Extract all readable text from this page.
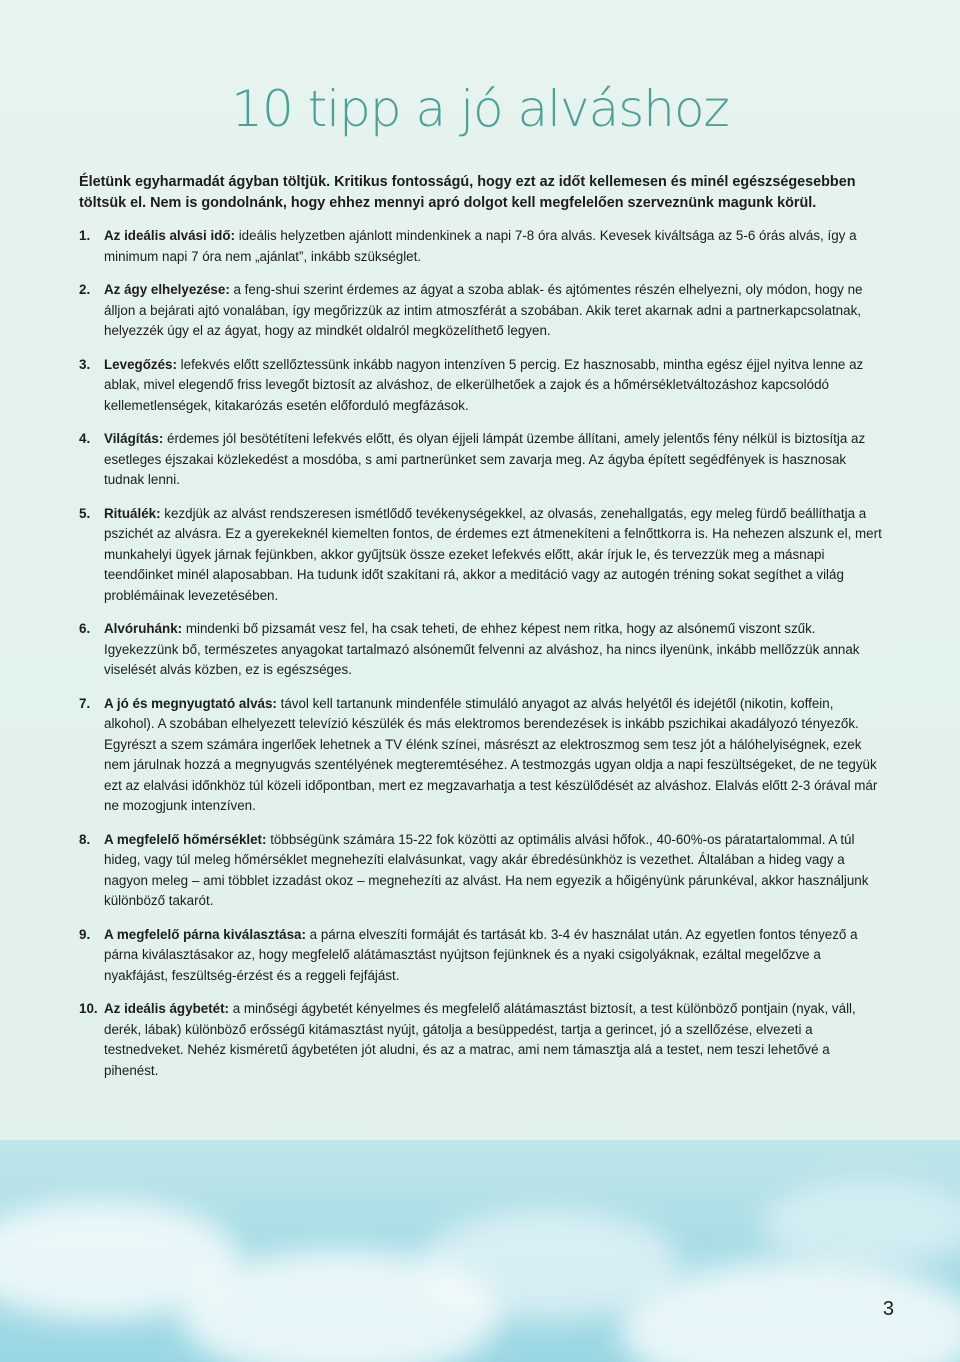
10 tipp a jó alváshoz
Életünk egyharmadát ágyban töltjük. Kritikus fontosságú, hogy ezt az időt kellemesen és minél egészségesebben töltsük el. Nem is gondolnánk, hogy ehhez mennyi apró dolgot kell megfelelően szerveznünk magunk körül.
1. Az ideális alvási idő: ideális helyzetben ajánlott mindenkinek a napi 7-8 óra alvás. Kevesek kiváltsága az 5-6 órás alvás, így a minimum napi 7 óra nem „ajánlat”, inkább szükséglet.
2. Az ágy elhelyezése: a feng-shui szerint érdemes az ágyat a szoba ablak- és ajtómentes részén elhelyezni, oly módon, hogy ne álljon a bejárati ajtó vonalában, így megőrizzük az intim atmoszférát a szobában. Akik teret akarnak adni a partnerkapcsolatnak, helyezzék úgy el az ágyat, hogy az mindkét oldalról megközelíthető legyen.
3. Levegőzés: lefekvés előtt szellőztessünk inkább nagyon intenzíven 5 percig. Ez hasznosabb, mintha egész éjjel nyitva lenne az ablak, mivel elegendő friss levegőt biztosít az alváshoz, de elkerülhetőek a zajok és a hőmérsékletváltozáshoz kapcsolódó kellemetlenségek, kitakarózás esetén előforduló megfázások.
4. Világítás: érdemes jól besötétíteni lefekvés előtt, és olyan éjjeli lámpát üzembe állítani, amely jelentős fény nélkül is biztosítja az esetleges éjszakai közlekedést a mosdóba, s ami partnerünket sem zavarja meg. Az ágyba épített segédfények is hasznosak tudnak lenni.
5. Rituálék: kezdjük az alvást rendszeresen ismétlődő tevékenységekkel, az olvasás, zenehallgatás, egy meleg fürdő beállíthatja a pszichét az alvásra. Ez a gyerekeknél kiemelten fontos, de érdemes ezt átmenekíteni a felnőttkorra is. Ha nehezen alszunk el, mert munkahelyi ügyek járnak fejünkben, akkor gyűjtsük össze ezeket lefekvés előtt, akár írjuk le, és tervezzük meg a másnapi teendőinket minél alaposabban. Ha tudunk időt szakítani rá, akkor a meditáció vagy az autogén tréning sokat segíthet a világ problémáinak levezetésében.
6. Alvóruhánk: mindenki bő pizsamát vesz fel, ha csak teheti, de ehhez képest nem ritka, hogy az alsónemű viszont szűk. Igyekezzünk bő, természetes anyagokat tartalmazó alsóneműt felvenni az alváshoz, ha nincs ilyenünk, inkább mellőzzük annak viselését alvás közben, ez is egészséges.
7. A jó és megnyugtató alvás: távol kell tartanunk mindenféle stimuláló anyagot az alvás helyétől és idejétől (nikotin, koffein, alkohol). A szobában elhelyezett televízió készülék és más elektromos berendezések is inkább pszichikai akadályozó tényezők. Egyrészt a szem számára ingerlőek lehetnek a TV élénk színei, másrészt az elektroszmog sem tesz jót a hálóhelyiségnek, ezek nem járulnak hozzá a megnyugvás szentélyének megteremtéséhez. A testmozgás ugyan oldja a napi feszültségeket, de ne tegyük ezt az elalvási időnkhöz túl közeli időpontban, mert ez megzavarhatja a test készülődését az alváshoz. Elalvás előtt 2-3 órával már ne mozogjunk intenzíven.
8. A megfelelő hőmérséklet: többségünk számára 15-22 fok közötti az optimális alvási hőfok., 40-60%-os páratartalommal. A túl hideg, vagy túl meleg hőmérséklet megnehezíti elalvásunkat, vagy akár ébredésünkhöz is vezethet. Általában a hideg vagy a nagyon meleg – ami többlet izzadást okoz – megnehezíti az alvást. Ha nem egyezik a hőigényünk párunkéval, akkor használjunk különböző takarót.
9. A megfelelő párna kiválasztása: a párna elveszíti formáját és tartását kb. 3-4 év használat után. Az egyetlen fontos tényező a párna kiválasztásakor az, hogy megfelelő alátámasztást nyújtson fejünknek és a nyaki csigolyáknak, ezáltal megelőzve a nyakfájást, feszültség-érzést és a reggeli fejfájást.
10. Az ideális ágybetét: a minőségi ágybetét kényelmes és megfelelő alátámasztást biztosít, a test különböző pontjain (nyak, váll, derék, lábak) különböző erősségű kitámasztást nyújt, gátolja a besüppedést, tartja a gerincet, jó a szellőzése, elvezeti a testnedveket. Nehéz kisméretű ágybetéten jót aludni, és az a matrac, ami nem támasztja alá a testet, nem teszi lehetővé a pihenést.
3
